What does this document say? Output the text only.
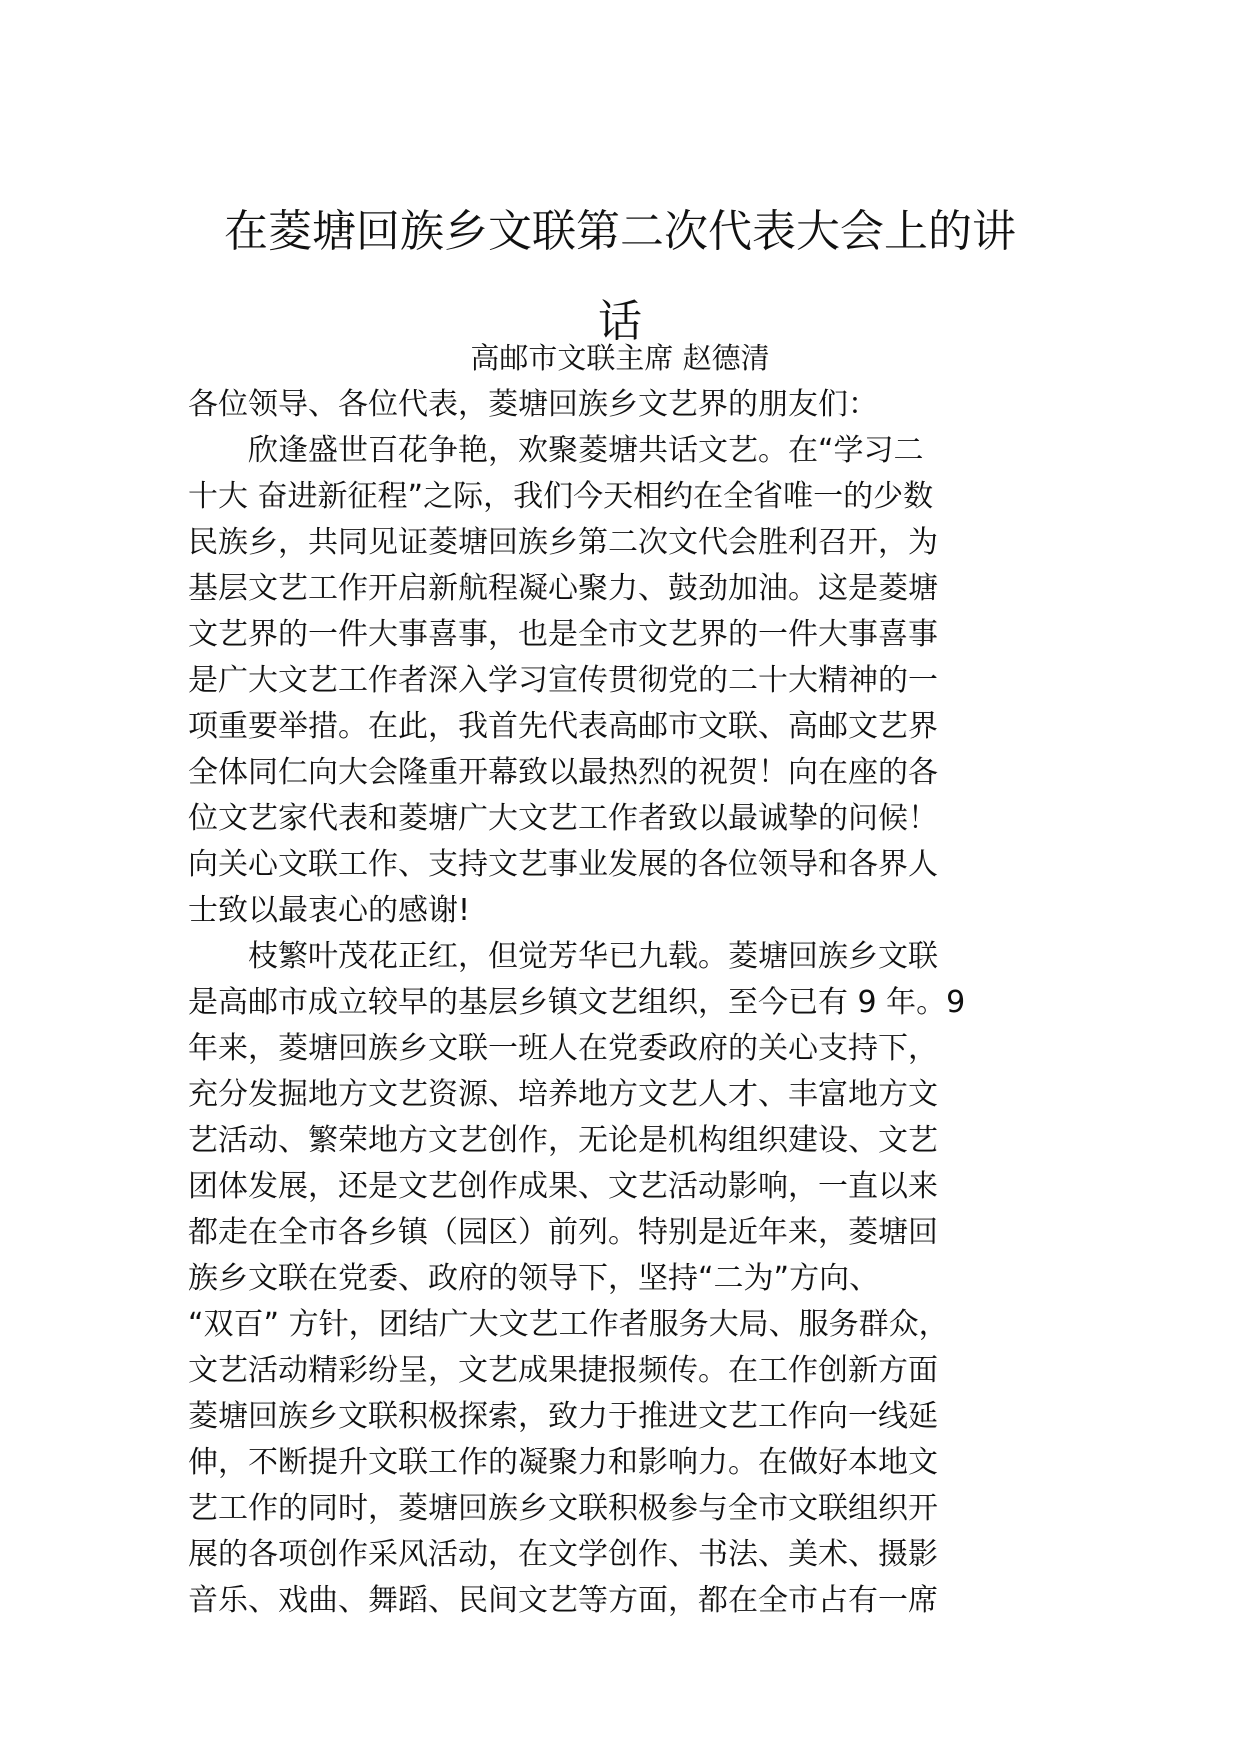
在菱塘回族乡文联第二次代表大会上的讲
话
高邮市文联主席 赵德清
各位领导、各位代表，菱塘回族乡文艺界的朋友们：
　　欣逢盛世百花争艳，欢聚菱塘共话文艺。在“学习二
十大 奋进新征程”之际，我们今天相约在全省唯一的少数
民族乡，共同见证菱塘回族乡第二次文代会胜利召开，为
基层文艺工作开启新航程凝心聚力、鼓劲加油。这是菱塘
文艺界的一件大事喜事，也是全市文艺界的一件大事喜事
是广大文艺工作者深入学习宣传贯彻党的二十大精神的一
项重要举措。在此，我首先代表高邮市文联、高邮文艺界
全体同仁向大会隆重开幕致以最热烈的祝贺！向在座的各
位文艺家代表和菱塘广大文艺工作者致以最诚挚的问候！
向关心文联工作、支持文艺事业发展的各位领导和各界人
士致以最衷心的感谢!
　　枝繁叶茂花正红，但觉芳华已九载。菱塘回族乡文联
是高邮市成立较早的基层乡镇文艺组织，至今已有 9 年。9
年来，菱塘回族乡文联一班人在党委政府的关心支持下，
充分发掘地方文艺资源、培养地方文艺人才、丰富地方文
艺活动、繁荣地方文艺创作，无论是机构组织建设、文艺
团体发展，还是文艺创作成果、文艺活动影响，一直以来
都走在全市各乡镇（园区）前列。特别是近年来，菱塘回
族乡文联在党委、政府的领导下，坚持“二为”方向、
“双百” 方针，团结广大文艺工作者服务大局、服务群众，
文艺活动精彩纷呈，文艺成果捷报频传。在工作创新方面
菱塘回族乡文联积极探索，致力于推进文艺工作向一线延
伸，不断提升文联工作的凝聚力和影响力。在做好本地文
艺工作的同时，菱塘回族乡文联积极参与全市文联组织开
展的各项创作采风活动，在文学创作、书法、美术、摄影
音乐、戏曲、舞蹈、民间文艺等方面，都在全市占有一席
